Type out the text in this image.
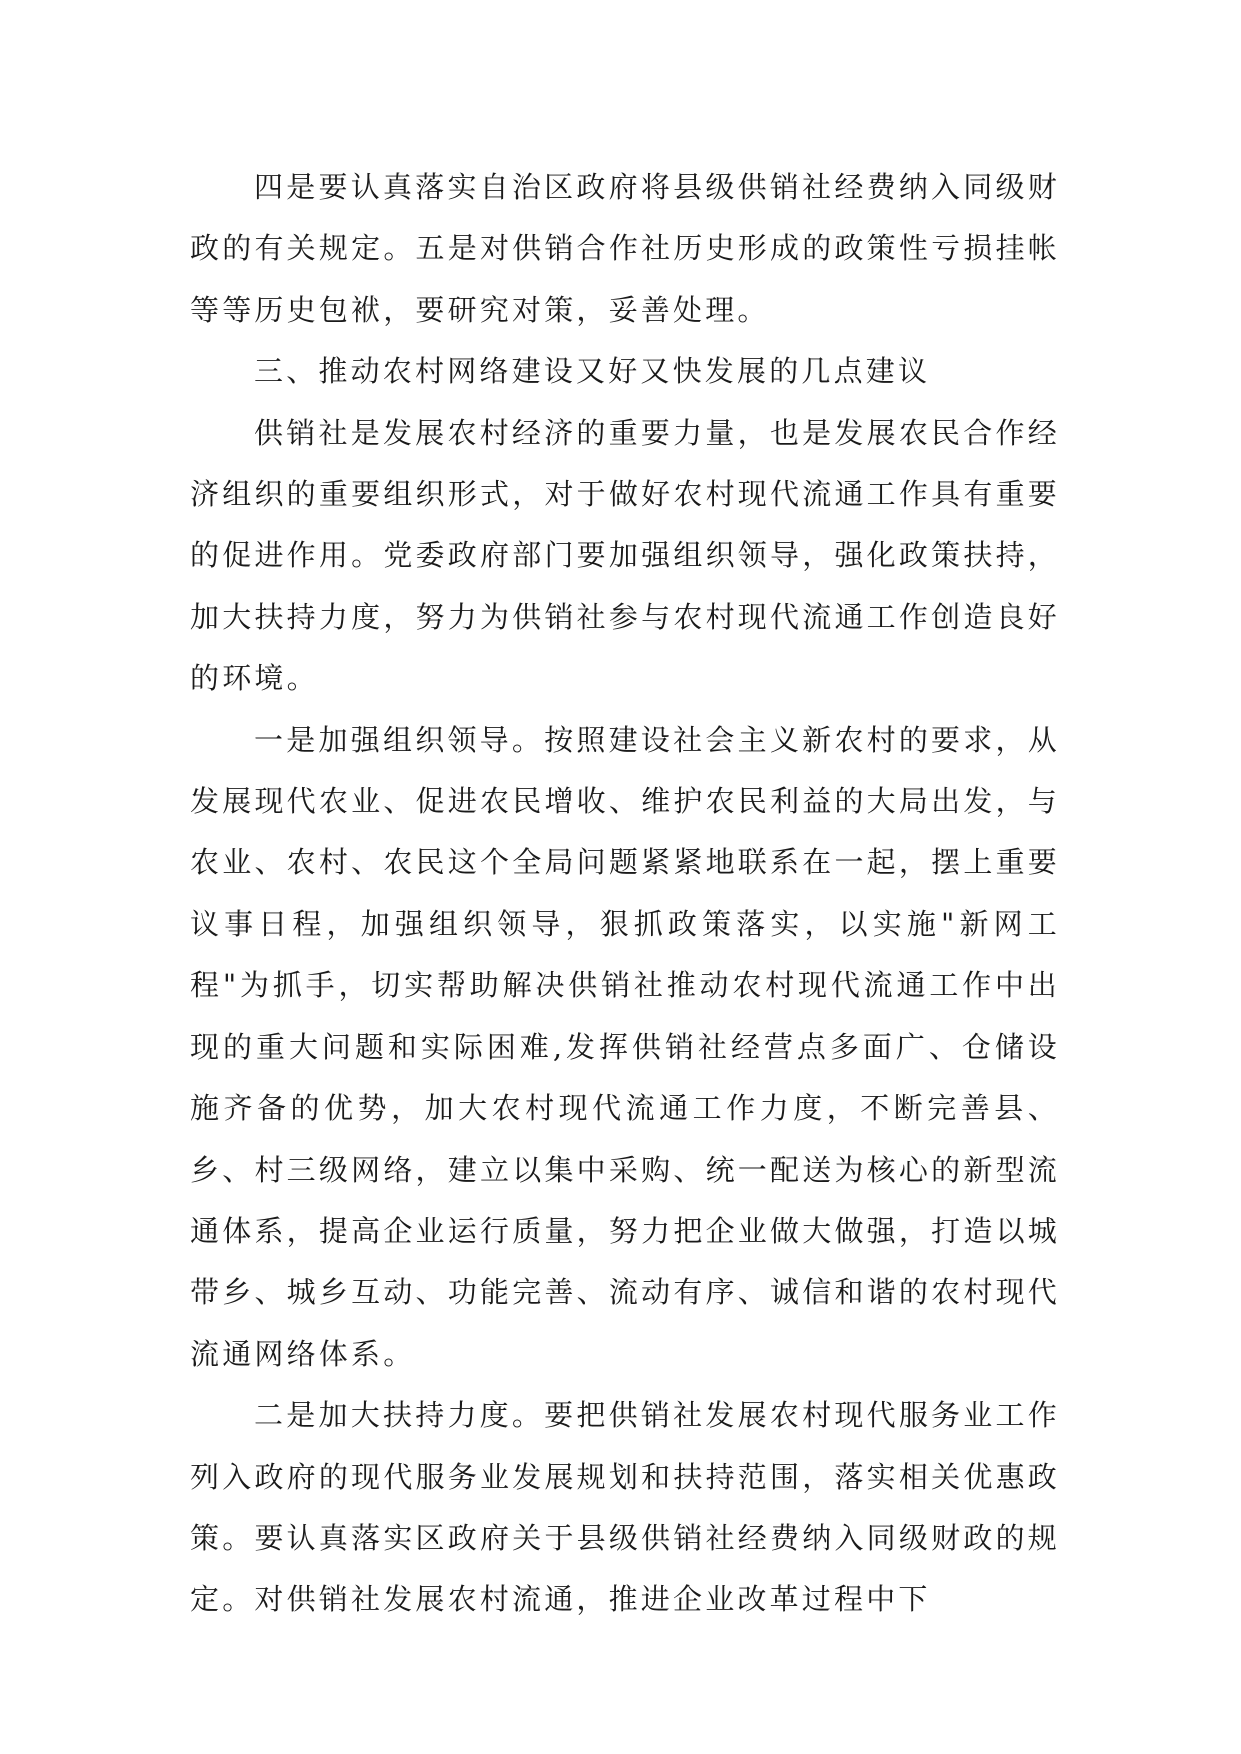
四是要认真落实自治区政府将县级供销社经费纳入同级财政的有关规定。五是对供销合作社历史形成的政策性亏损挂帐等等历史包袱，要研究对策，妥善处理。

三、推动农村网络建设又好又快发展的几点建议

供销社是发展农村经济的重要力量，也是发展农民合作经济组织的重要组织形式，对于做好农村现代流通工作具有重要的促进作用。党委政府部门要加强组织领导，强化政策扶持，加大扶持力度，努力为供销社参与农村现代流通工作创造良好的环境。

一是加强组织领导。按照建设社会主义新农村的要求，从发展现代农业、促进农民增收、维护农民利益的大局出发，与农业、农村、农民这个全局问题紧紧地联系在一起，摆上重要议事日程，加强组织领导，狠抓政策落实，以实施"新网工程"为抓手，切实帮助解决供销社推动农村现代流通工作中出现的重大问题和实际困难,发挥供销社经营点多面广、仓储设施齐备的优势，加大农村现代流通工作力度，不断完善县、乡、村三级网络，建立以集中采购、统一配送为核心的新型流通体系，提高企业运行质量，努力把企业做大做强，打造以城带乡、城乡互动、功能完善、流动有序、诚信和谐的农村现代流通网络体系。

二是加大扶持力度。要把供销社发展农村现代服务业工作列入政府的现代服务业发展规划和扶持范围，落实相关优惠政策。要认真落实区政府关于县级供销社经费纳入同级财政的规定。对供销社发展农村流通，推进企业改革过程中下
